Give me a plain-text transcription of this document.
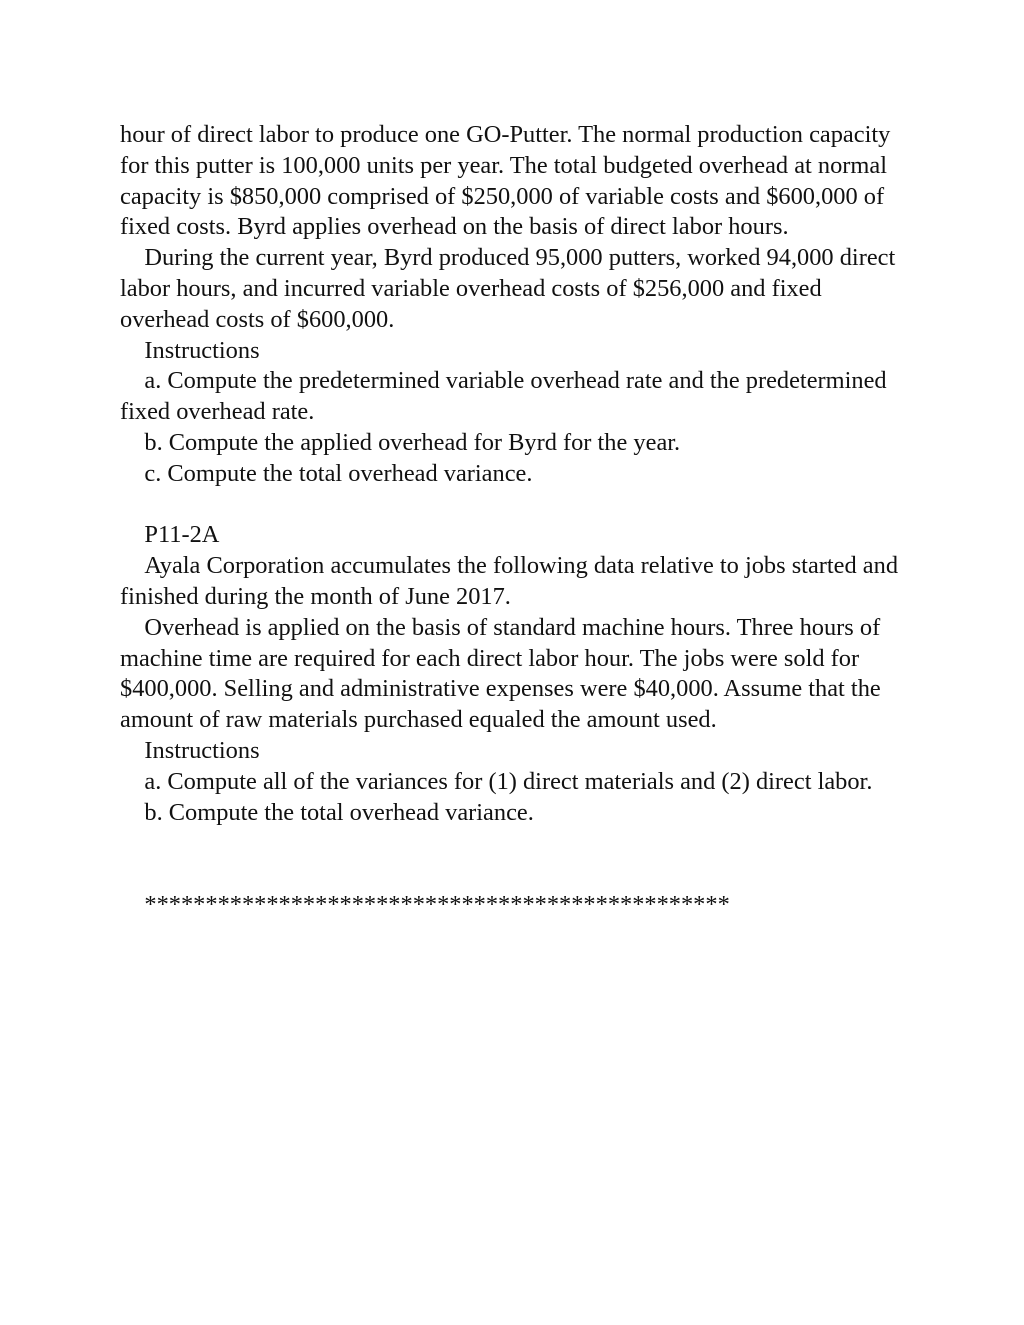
hour of direct labor to produce one GO-Putter. The normal production capacity for this putter is 100,000 units per year. The total budgeted overhead at normal capacity is $850,000 comprised of $250,000 of variable costs and $600,000 of fixed costs. Byrd applies overhead on the basis of direct labor hours.

During the current year, Byrd produced 95,000 putters, worked 94,000 direct labor hours, and incurred variable overhead costs of $256,000 and fixed overhead costs of $600,000.

Instructions

a. Compute the predetermined variable overhead rate and the predetermined fixed overhead rate.

b. Compute the applied overhead for Byrd for the year.

c. Compute the total overhead variance.

P11-2A

Ayala Corporation accumulates the following data relative to jobs started and finished during the month of June 2017.

Overhead is applied on the basis of standard machine hours. Three hours of machine time are required for each direct labor hour. The jobs were sold for $400,000. Selling and administrative expenses were $40,000. Assume that the amount of raw materials purchased equaled the amount used.

Instructions

a. Compute all of the variances for (1) direct materials and (2) direct labor.

b. Compute the total overhead variance.

************************************************
